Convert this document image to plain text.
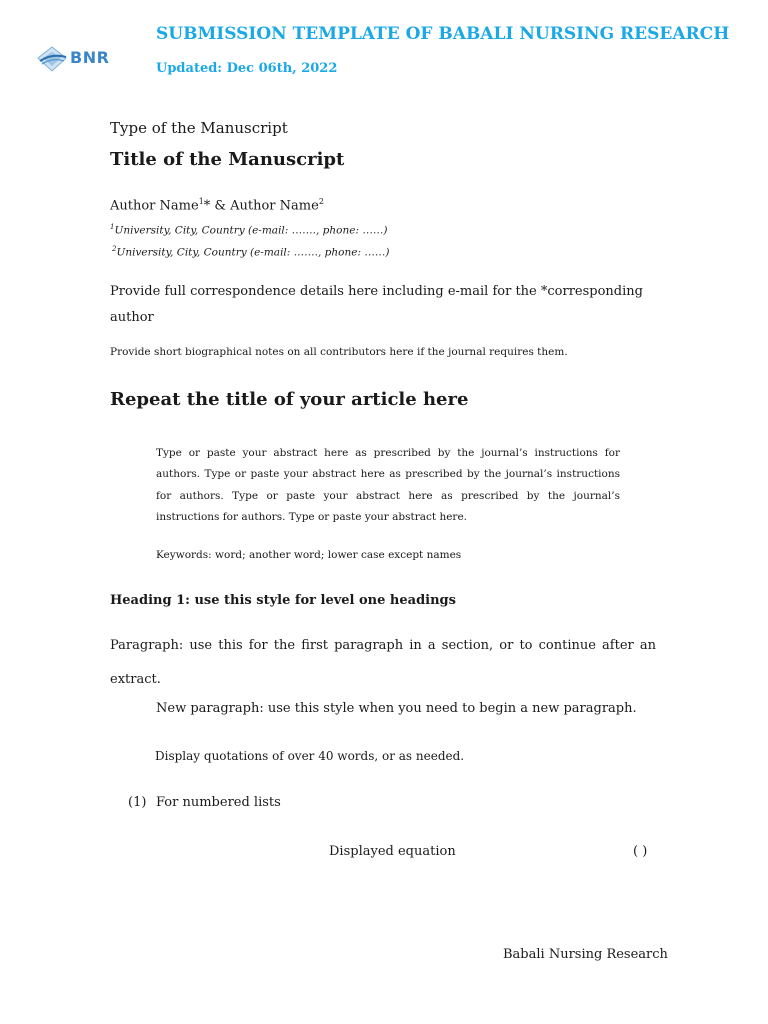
BNR
SUBMISSION TEMPLATE OF BABALI NURSING RESEARCH
Updated: Dec 06th, 2022
Type of the Manuscript
Title of the Manuscript
Author Name$^1$* & Author Name$^2$
$^1$University, City, Country (e-mail: ……., phone: ……)
$^2$University, City, Country (e-mail: ……., phone: ……)
Provide full correspondence details here including e-mail for the *corresponding author
Provide short biographical notes on all contributors here if the journal requires them.
Repeat the title of your article here
Type or paste your abstract here as prescribed by the journal’s instructions for authors. Type or paste your abstract here as prescribed by the journal’s instructions for authors. Type or paste your abstract here as prescribed by the journal’s instructions for authors. Type or paste your abstract here.
Keywords: word; another word; lower case except names
Heading 1: use this style for level one headings
Paragraph: use this for the first paragraph in a section, or to continue after an extract.
New paragraph: use this style when you need to begin a new paragraph.
Display quotations of over 40 words, or as needed.
(1) For numbered lists
Displayed equation	( )
Babali Nursing Research
